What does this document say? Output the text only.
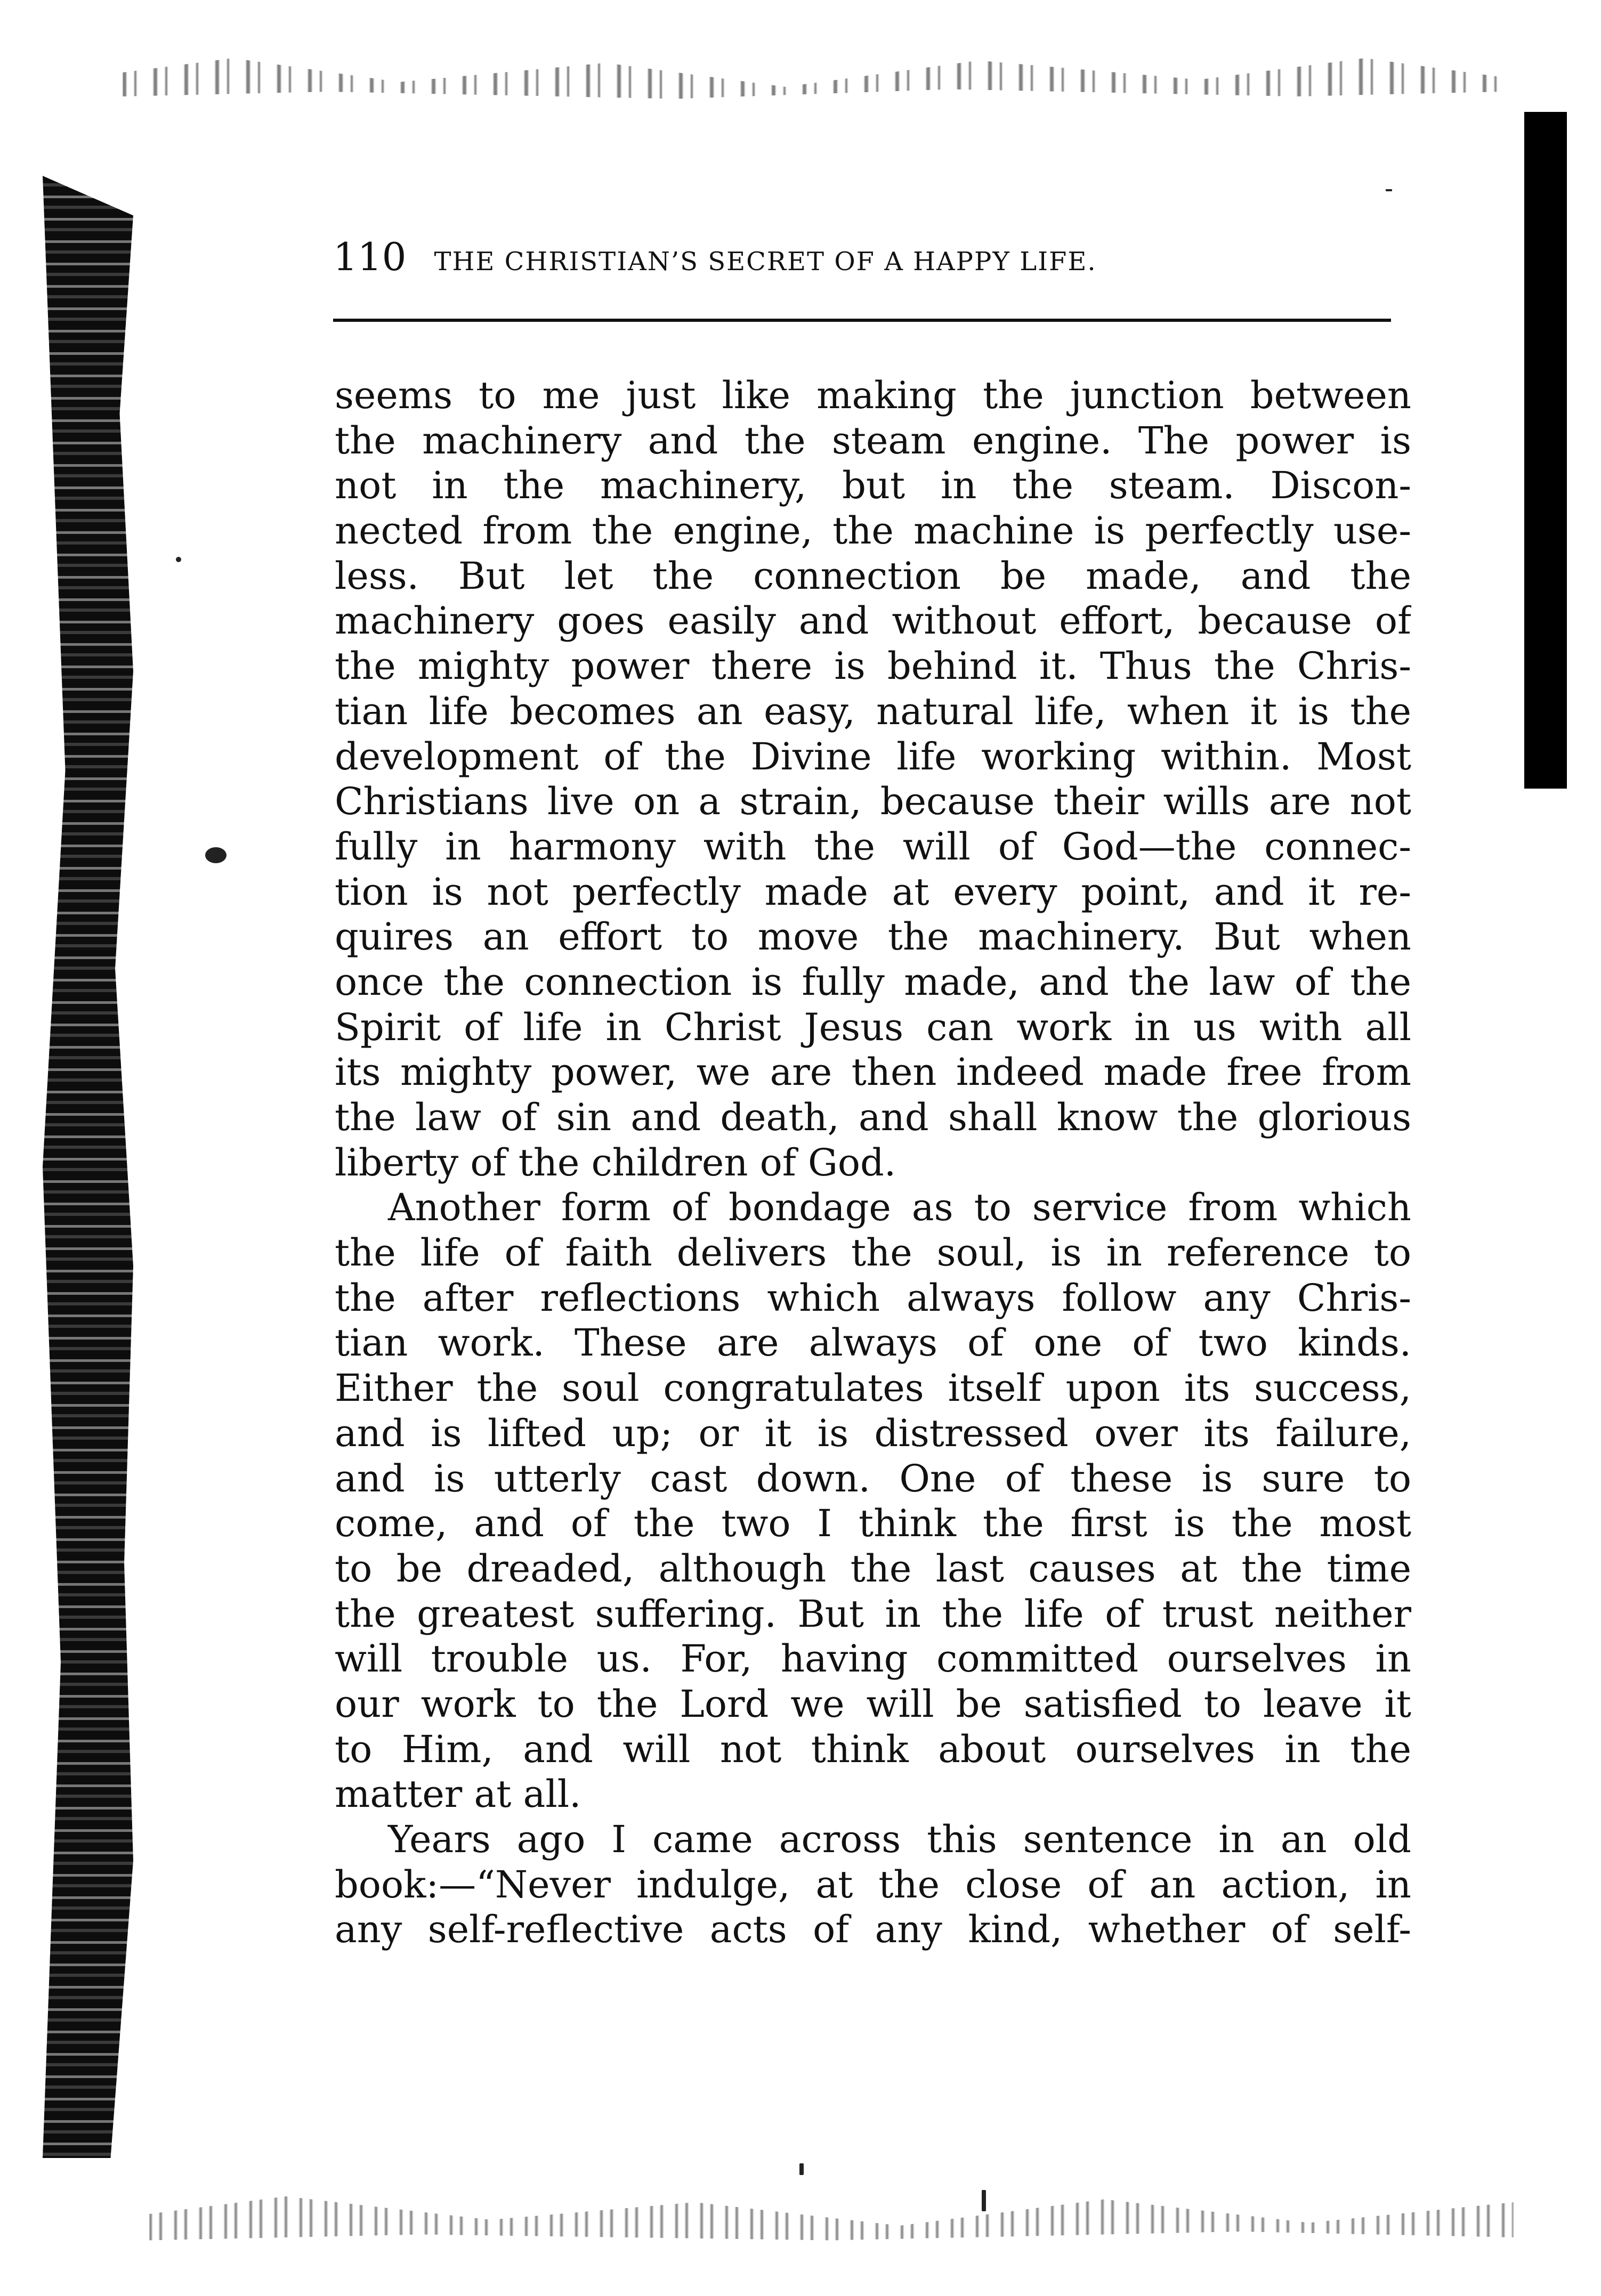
110 THE CHRISTIAN’S SECRET OF A HAPPY LIFE.
seems to me just like making the junction between
the machinery and the steam engine. The power is
not in the machinery, but in the steam. Discon-
nected from the engine, the machine is perfectly use-
less. But let the connection be made, and the
machinery goes easily and without effort, because of
the mighty power there is behind it. Thus the Chris-
tian life becomes an easy, natural life, when it is the
development of the Divine life working within. Most
Christians live on a strain, because their wills are not
fully in harmony with the will of God—the connec-
tion is not perfectly made at every point, and it re-
quires an effort to move the machinery. But when
once the connection is fully made, and the law of the
Spirit of life in Christ Jesus can work in us with all
its mighty power, we are then indeed made free from
the law of sin and death, and shall know the glorious
liberty of the children of God.
Another form of bondage as to service from which
the life of faith delivers the soul, is in reference to
the after reflections which always follow any Chris-
tian work. These are always of one of two kinds.
Either the soul congratulates itself upon its success,
and is lifted up; or it is distressed over its failure,
and is utterly cast down. One of these is sure to
come, and of the two I think the first is the most
to be dreaded, although the last causes at the time
the greatest suffering. But in the life of trust neither
will trouble us. For, having committed ourselves in
our work to the Lord we will be satisfied to leave it
to Him, and will not think about ourselves in the
matter at all.
Years ago I came across this sentence in an old
book:—“Never indulge, at the close of an action, in
any self-reflective acts of any kind, whether of self-
